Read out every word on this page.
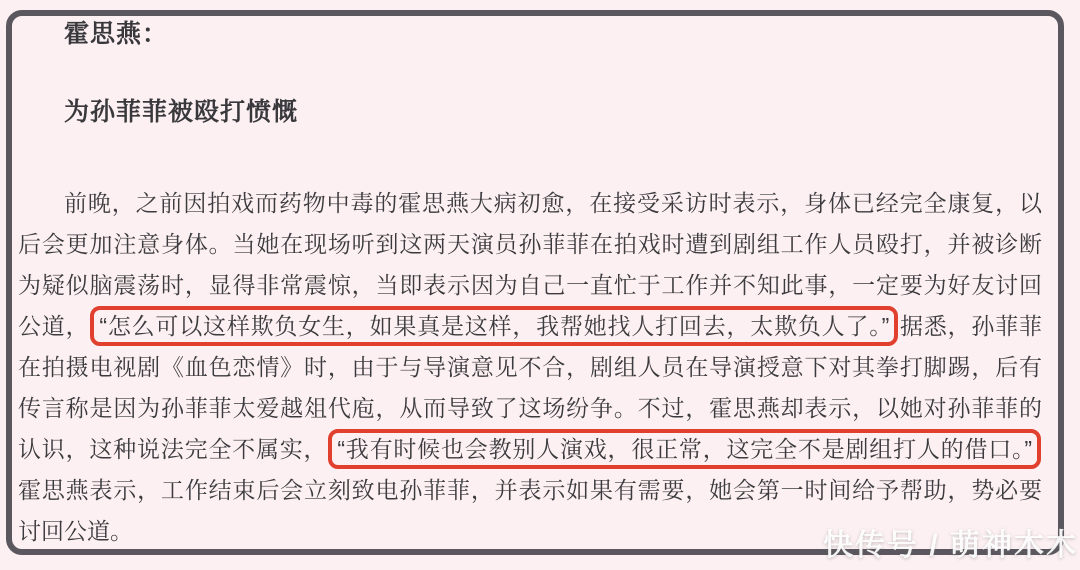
霍思燕：
为孙菲菲被殴打愤慨
前晚，之前因拍戏而药物中毒的霍思燕大病初愈，在接受采访时表示，身体已经完全康复，以
后会更加注意身体。当她在现场听到这两天演员孙菲菲在拍戏时遭到剧组工作人员殴打，并被诊断
为疑似脑震荡时，显得非常震惊，当即表示因为自己一直忙于工作并不知此事，一定要为好友讨回
公道， “怎么可以这样欺负女生，如果真是这样，我帮她找人打回去，太欺负人了。” 据悉，孙菲菲
在拍摄电视剧《血色恋情》时，由于与导演意见不合，剧组人员在导演授意下对其拳打脚踢，后有
传言称是因为孙菲菲太爱越俎代庖，从而导致了这场纷争。不过，霍思燕却表示，以她对孙菲菲的
认识，这种说法完全不属实， “我有时候也会教别人演戏，很正常，这完全不是剧组打人的借口。”
霍思燕表示，工作结束后会立刻致电孙菲菲，并表示如果有需要，她会第一时间给予帮助，势必要
讨回公道。	快传号 / 萌神木木
